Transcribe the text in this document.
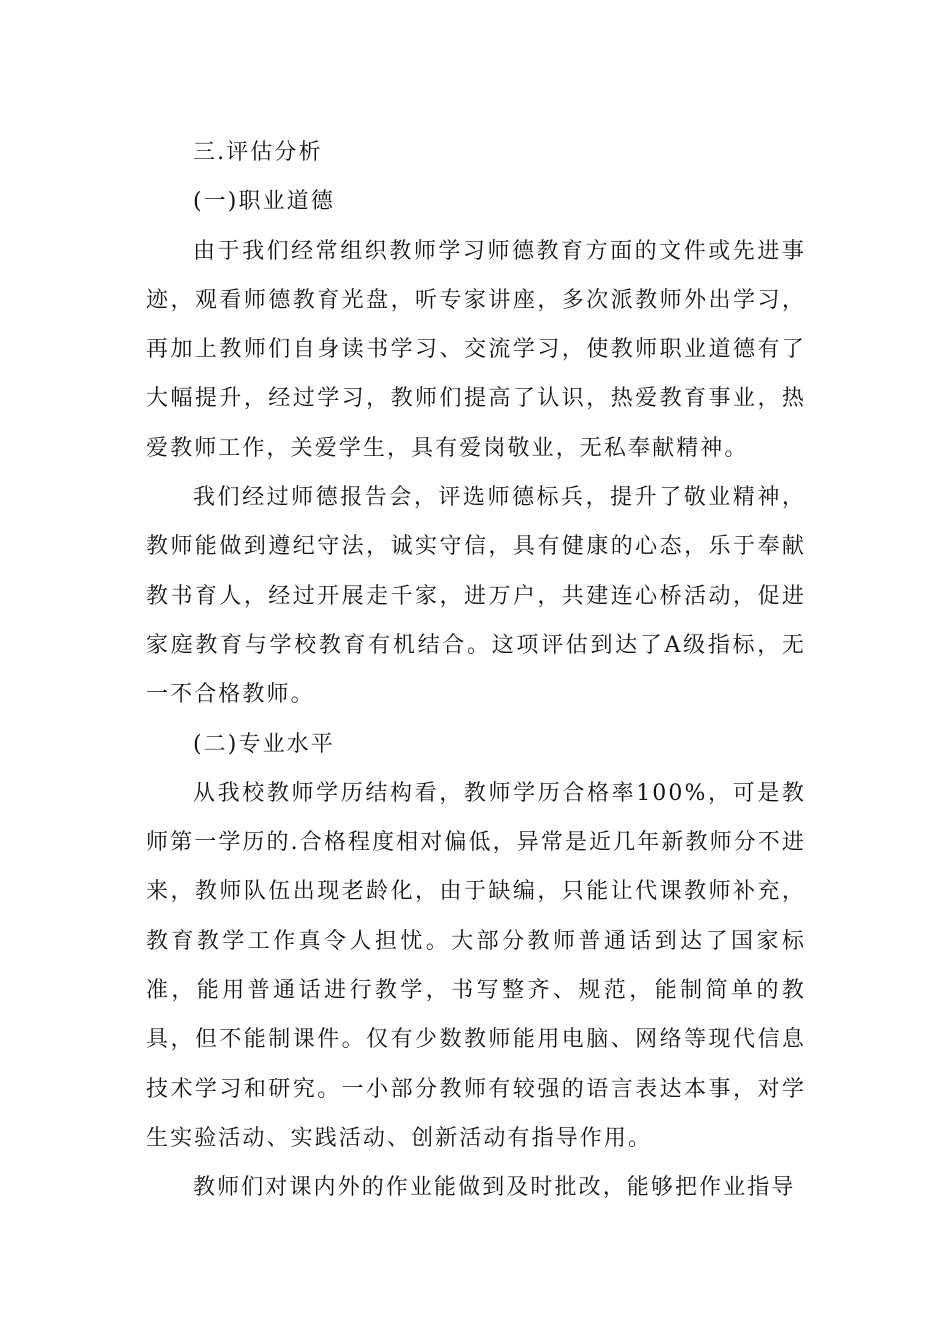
三.评估分析

(一)职业道德

由于我们经常组织教师学习师德教育方面的文件或先进事迹，观看师德教育光盘，听专家讲座，多次派教师外出学习，再加上教师们自身读书学习、交流学习，使教师职业道德有了大幅提升，经过学习，教师们提高了认识，热爱教育事业，热爱教师工作，关爱学生，具有爱岗敬业，无私奉献精神。

我们经过师德报告会，评选师德标兵，提升了敬业精神，教师能做到遵纪守法，诚实守信，具有健康的心态，乐于奉献教书育人，经过开展走千家，进万户，共建连心桥活动，促进家庭教育与学校教育有机结合。这项评估到达了A级指标，无一不合格教师。

(二)专业水平

从我校教师学历结构看，教师学历合格率100%，可是教师第一学历的.合格程度相对偏低，异常是近几年新教师分不进来，教师队伍出现老龄化，由于缺编，只能让代课教师补充，教育教学工作真令人担忧。大部分教师普通话到达了国家标准，能用普通话进行教学，书写整齐、规范，能制简单的教具，但不能制课件。仅有少数教师能用电脑、网络等现代信息技术学习和研究。一小部分教师有较强的语言表达本事，对学生实验活动、实践活动、创新活动有指导作用。

教师们对课内外的作业能做到及时批改，能够把作业指导
